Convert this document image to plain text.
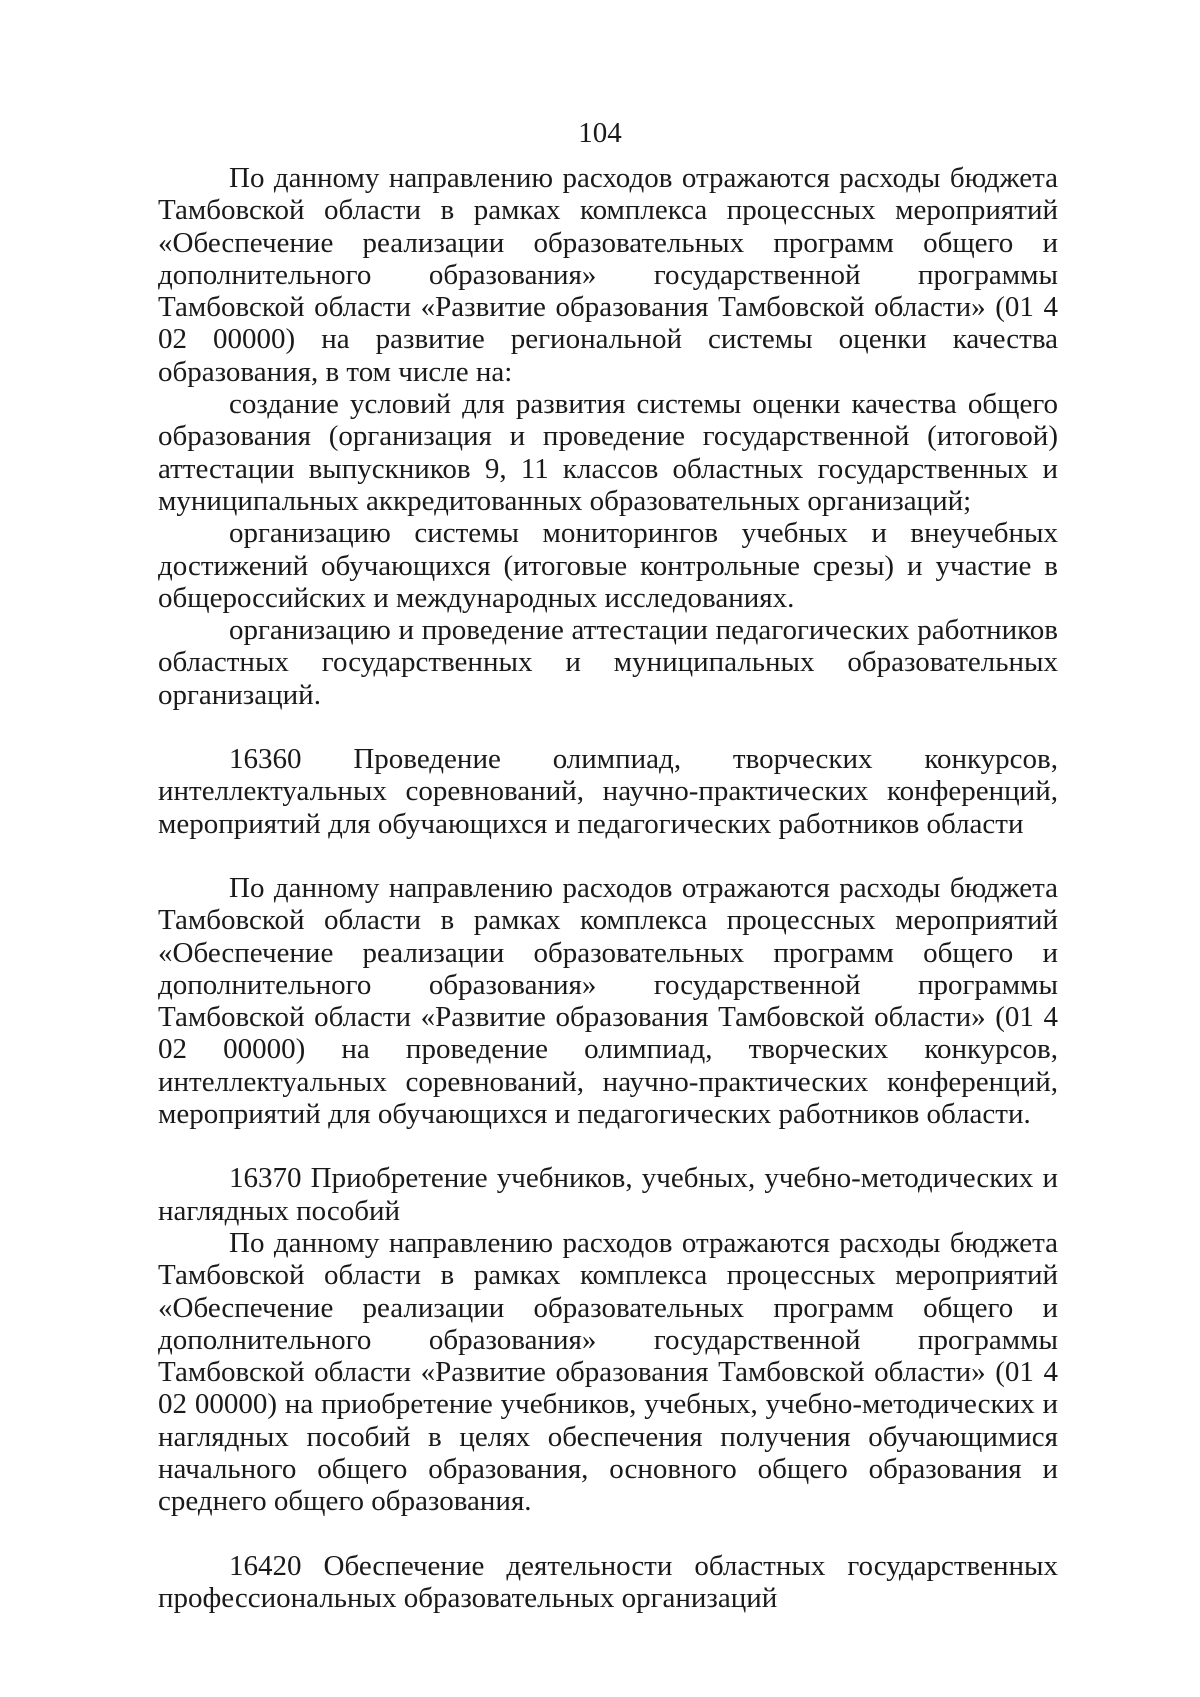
104

По данному направлению расходов отражаются расходы бюджета Тамбовской области в рамках комплекса процессных мероприятий «Обеспечение реализации образовательных программ общего и дополнительного образования» государственной программы Тамбовской области «Развитие образования Тамбовской области» (01 4 02 00000) на развитие региональной системы оценки качества образования, в том числе на:

создание условий для развития системы оценки качества общего образования (организация и проведение государственной (итоговой) аттестации выпускников 9, 11 классов областных государственных и муниципальных аккредитованных образовательных организаций;

организацию системы мониторингов учебных и внеучебных достижений обучающихся (итоговые контрольные срезы) и участие в общероссийских и международных исследованиях.

организацию и проведение аттестации педагогических работников областных государственных и муниципальных образовательных организаций.

16360 Проведение олимпиад, творческих конкурсов, интеллектуальных соревнований, научно-практических конференций, мероприятий для обучающихся и педагогических работников области

По данному направлению расходов отражаются расходы бюджета Тамбовской области в рамках комплекса процессных мероприятий «Обеспечение реализации образовательных программ общего и дополнительного образования» государственной программы Тамбовской области «Развитие образования Тамбовской области» (01 4 02 00000) на проведение олимпиад, творческих конкурсов, интеллектуальных соревнований, научно-практических конференций, мероприятий для обучающихся и педагогических работников области.

16370 Приобретение учебников, учебных, учебно-методических и наглядных пособий

По данному направлению расходов отражаются расходы бюджета Тамбовской области в рамках комплекса процессных мероприятий «Обеспечение реализации образовательных программ общего и дополнительного образования» государственной программы Тамбовской области «Развитие образования Тамбовской области» (01 4 02 00000) на приобретение учебников, учебных, учебно-методических и наглядных пособий в целях обеспечения получения обучающимися начального общего образования, основного общего образования и среднего общего образования.

16420 Обеспечение деятельности областных государственных профессиональных образовательных организаций
